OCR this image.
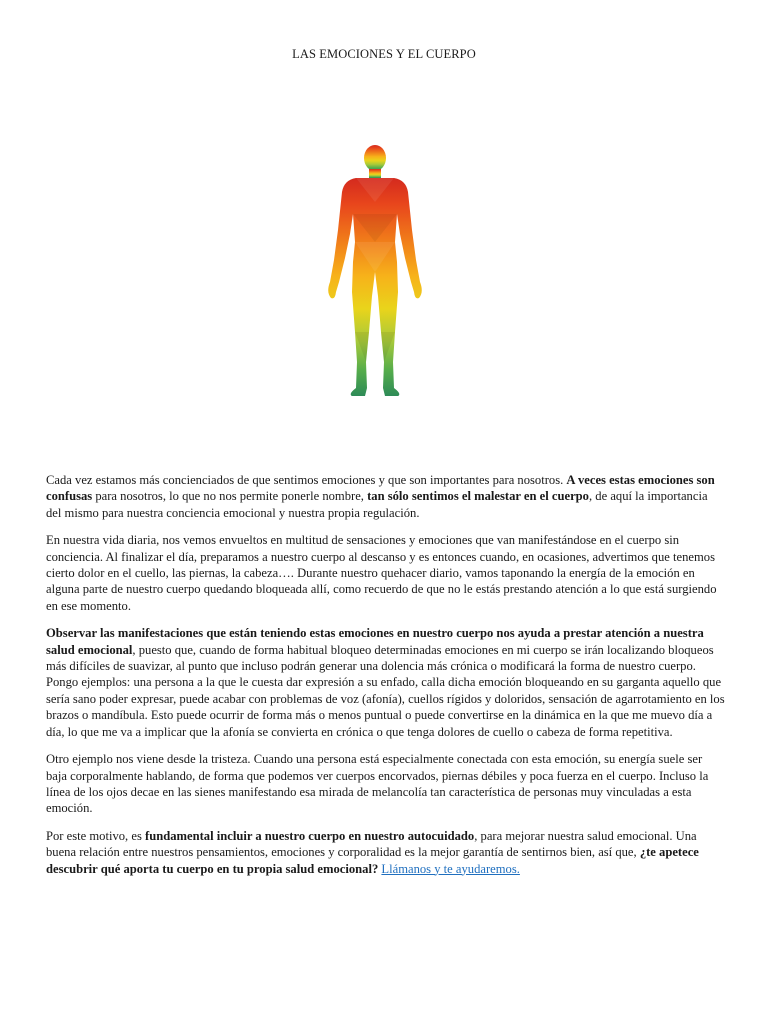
LAS EMOCIONES Y EL CUERPO

Cada vez estamos más concienciados de que sentimos emociones y que son importantes para nosotros. A veces estas emociones son confusas para nosotros, lo que no nos permite ponerle nombre, tan sólo sentimos el malestar en el cuerpo, de aquí la importancia del mismo para nuestra conciencia emocional y nuestra propia regulación.

En nuestra vida diaria, nos vemos envueltos en multitud de sensaciones y emociones que van manifestándose en el cuerpo sin conciencia. Al finalizar el día, preparamos a nuestro cuerpo al descanso y es entonces cuando, en ocasiones, advertimos que tenemos cierto dolor en el cuello, las piernas, la cabeza…. Durante nuestro quehacer diario, vamos taponando la energía de la emoción en alguna parte de nuestro cuerpo quedando bloqueada allí, como recuerdo de que no le estás prestando atención a lo que está surgiendo en ese momento.

Observar las manifestaciones que están teniendo estas emociones en nuestro cuerpo nos ayuda a prestar atención a nuestra salud emocional, puesto que, cuando de forma habitual bloqueo determinadas emociones en mi cuerpo se irán localizando bloqueos más difíciles de suavizar, al punto que incluso podrán generar una dolencia más crónica o modificará la forma de nuestro cuerpo. Pongo ejemplos: una persona a la que le cuesta dar expresión a su enfado, calla dicha emoción bloqueando en su garganta aquello que sería sano poder expresar, puede acabar con problemas de voz (afonía), cuellos rígidos y doloridos, sensación de agarrotamiento en los brazos o mandíbula. Esto puede ocurrir de forma más o menos puntual o puede convertirse en la dinámica en la que me muevo día a día, lo que me va a implicar que la afonía se convierta en crónica o que tenga dolores de cuello o cabeza de forma repetitiva.

Otro ejemplo nos viene desde la tristeza. Cuando una persona está especialmente conectada con esta emoción, su energía suele ser baja corporalmente hablando, de forma que podemos ver cuerpos encorvados, piernas débiles y poca fuerza en el cuerpo. Incluso la línea de los ojos decae en las sienes manifestando esa mirada de melancolía tan característica de personas muy vinculadas a esta emoción.

Por este motivo, es fundamental incluir a nuestro cuerpo en nuestro autocuidado, para mejorar nuestra salud emocional. Una buena relación entre nuestros pensamientos, emociones y corporalidad es la mejor garantía de sentirnos bien, así que, ¿te apetece descubrir qué aporta tu cuerpo en tu propia salud emocional? Llámanos y te ayudaremos.
